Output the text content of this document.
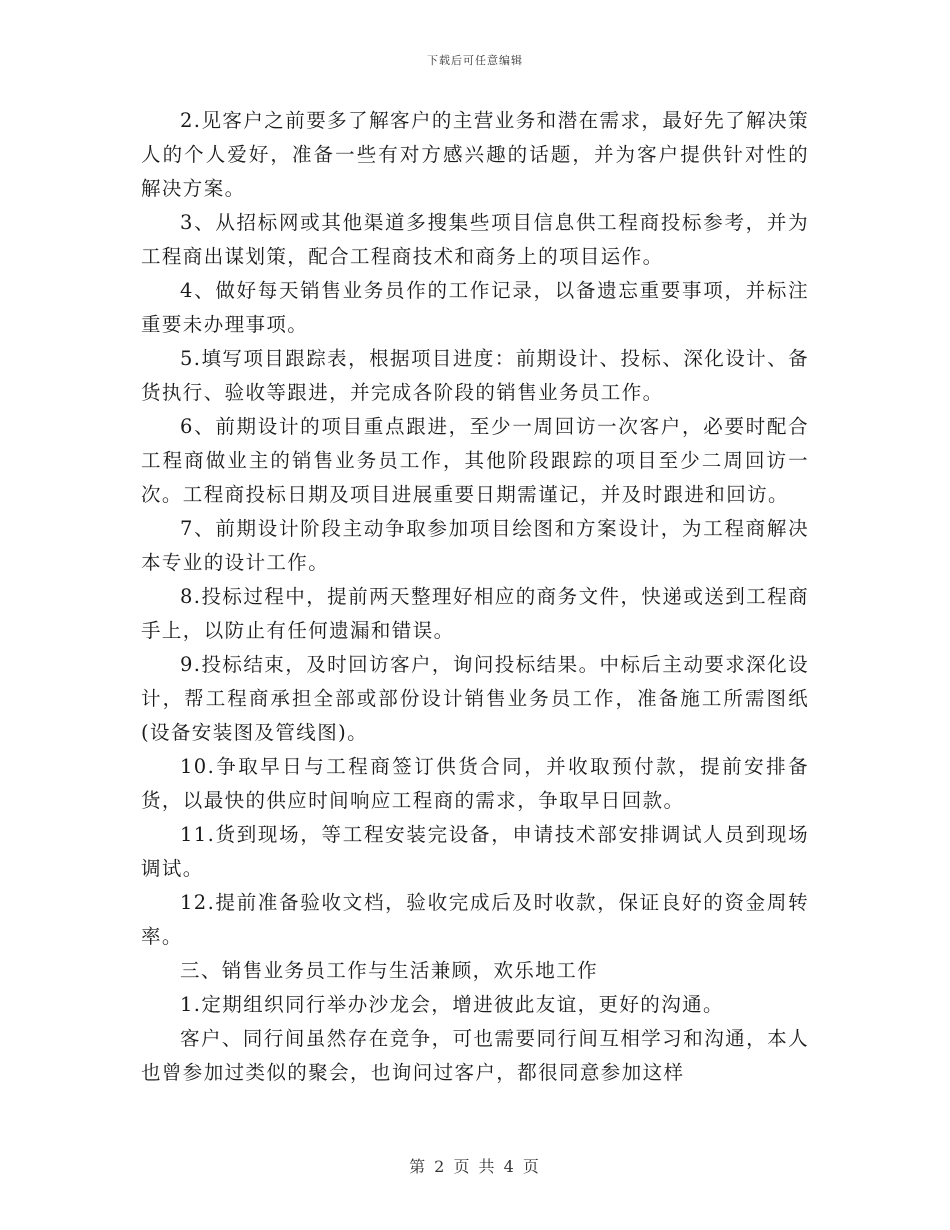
下载后可任意编辑

2.见客户之前要多了解客户的主营业务和潜在需求，最好先了解决策人的个人爱好，准备一些有对方感兴趣的话题，并为客户提供针对性的解决方案。

3、从招标网或其他渠道多搜集些项目信息供工程商投标参考，并为工程商出谋划策，配合工程商技术和商务上的项目运作。

4、做好每天销售业务员作的工作记录，以备遗忘重要事项，并标注重要未办理事项。

5.填写项目跟踪表，根据项目进度：前期设计、投标、深化设计、备货执行、验收等跟进，并完成各阶段的销售业务员工作。

6、前期设计的项目重点跟进，至少一周回访一次客户，必要时配合工程商做业主的销售业务员工作，其他阶段跟踪的项目至少二周回访一次。工程商投标日期及项目进展重要日期需谨记，并及时跟进和回访。

7、前期设计阶段主动争取参加项目绘图和方案设计，为工程商解决本专业的设计工作。

8.投标过程中，提前两天整理好相应的商务文件，快递或送到工程商手上，以防止有任何遗漏和错误。

9.投标结束，及时回访客户，询问投标结果。中标后主动要求深化设计，帮工程商承担全部或部份设计销售业务员工作，准备施工所需图纸(设备安装图及管线图)。

10.争取早日与工程商签订供货合同，并收取预付款，提前安排备货，以最快的供应时间响应工程商的需求，争取早日回款。

11.货到现场，等工程安装完设备，申请技术部安排调试人员到现场调试。

12.提前准备验收文档，验收完成后及时收款，保证良好的资金周转率。

三、销售业务员工作与生活兼顾，欢乐地工作

1.定期组织同行举办沙龙会，增进彼此友谊，更好的沟通。

客户、同行间虽然存在竞争，可也需要同行间互相学习和沟通，本人也曾参加过类似的聚会，也询问过客户，都很同意参加这样

第 2 页 共 4 页
